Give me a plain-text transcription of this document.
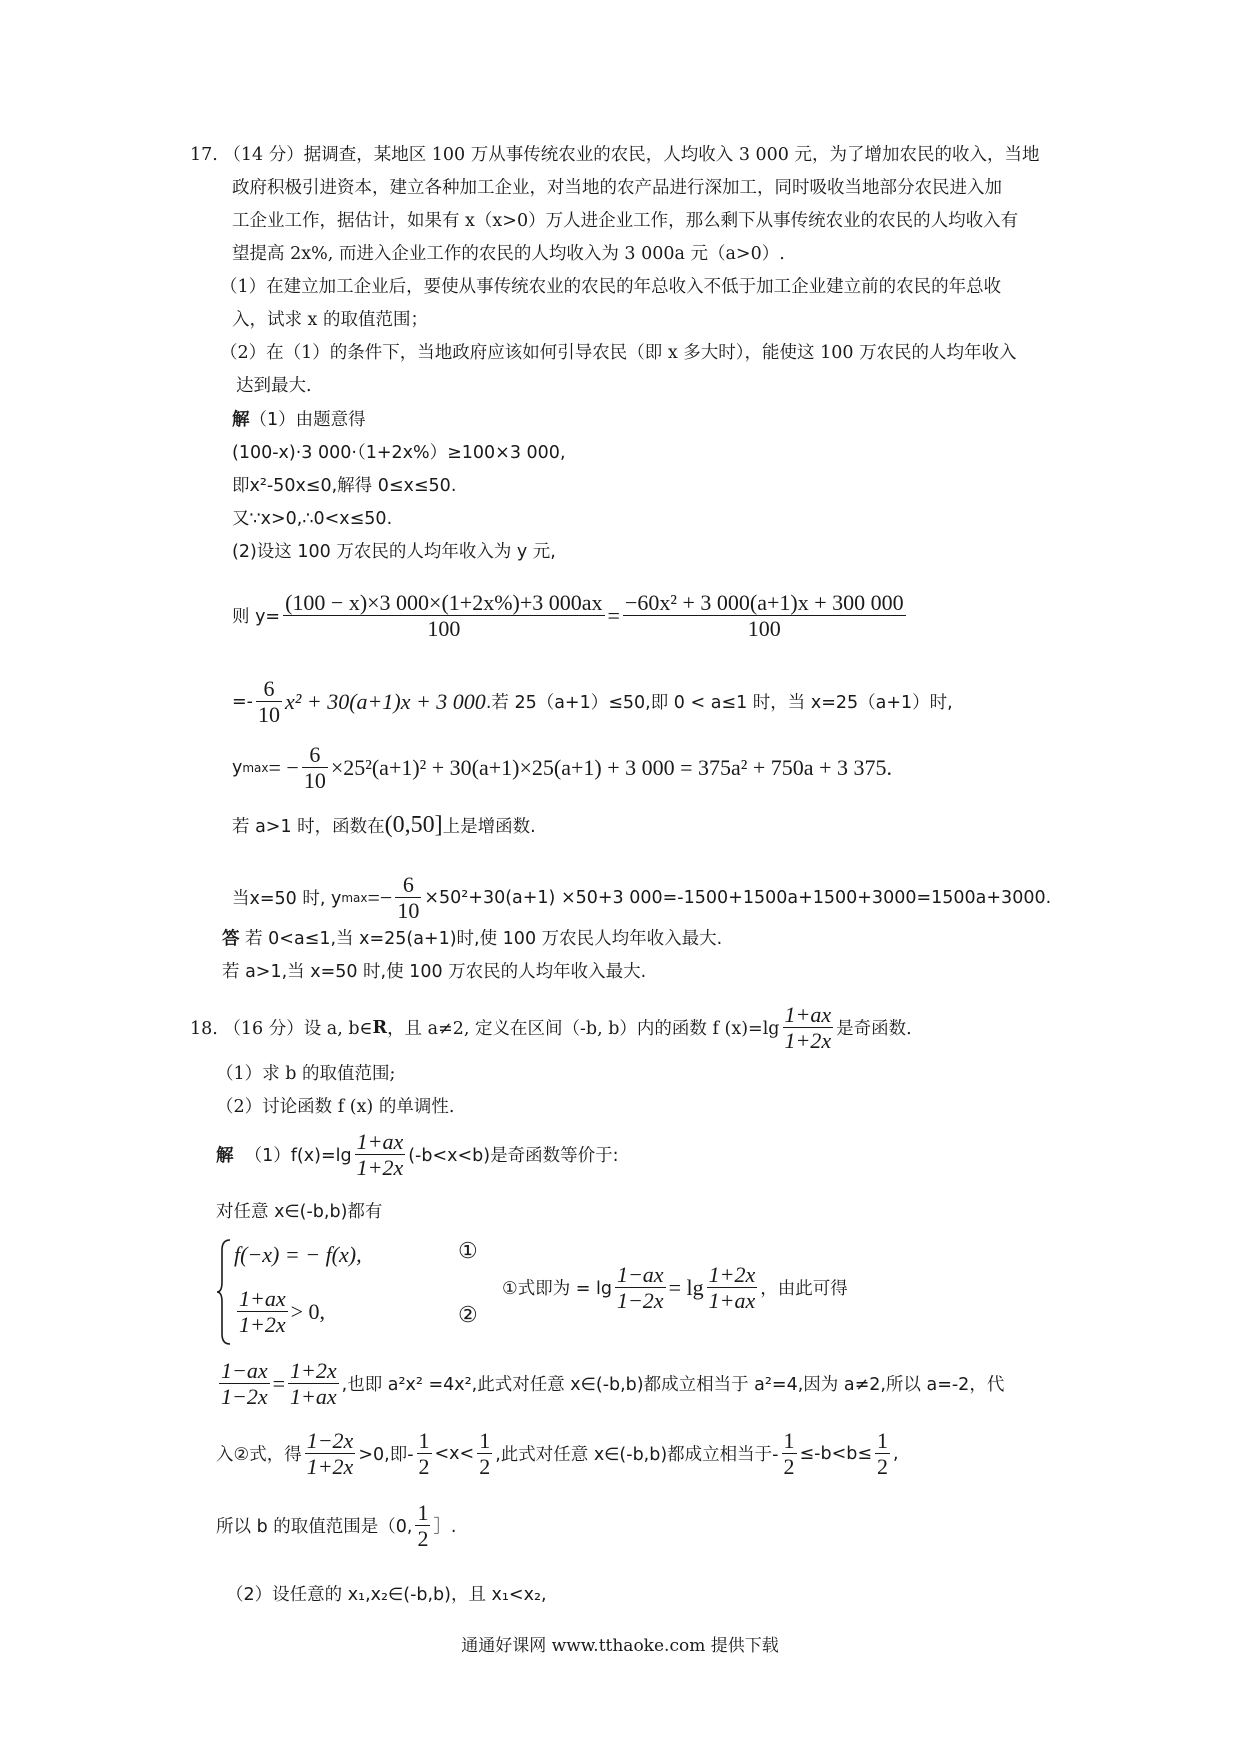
17. （14 分）据调查，某地区 100 万从事传统农业的农民，人均收入 3 000 元，为了增加农民的收入，当地
政府积极引进资本，建立各种加工企业，对当地的农产品进行深加工，同时吸收当地部分农民进入加
工企业工作，据估计，如果有 x（x>0）万人进企业工作，那么剩下从事传统农业的农民的人均收入有
望提高 2x%, 而进入企业工作的农民的人均收入为 3 000a 元（a>0）.
（1）在建立加工企业后，要使从事传统农业的农民的年总收入不低于加工企业建立前的农民的年总收
入，试求 x 的取值范围；
（2）在（1）的条件下，当地政府应该如何引导农民（即 x 多大时），能使这 100 万农民的人均年收入
达到最大.
解（1）由题意得
(100-x)·3 000·（1+2x%）≥100×3 000,
即x²-50x≤0,解得 0≤x≤50.
又∵x>0,∴0<x≤50.
(2)设这 100 万农民的人均年收入为 y 元,
则 $y= \frac{(100 - x)\times 3 000\times(1+2x\%)+3 000ax}{100} = \frac{\text{−60x² + 3 000(a+1)x + 300 000}}{100}$
=- $\frac{6}{10} x^2 + 30(a+1)x + 3$ 000 .若 25（a+1）≤50,即 0 < a≤1 时，当 x=25（a+1）时,
y max = − $\frac{6}{10} \times 25^2(a+1)^2 + 30(a+1)\times 25(a+1) + 3$ 000 = 375a² + 750a + 3 375.
若 a>1 时，函数在 (0,50] 上是增函数.
当x=50 时, y $\max =- \frac{6}{10} \times 50^2+30(a+1) \times 50+3$ 000=-1500+1500a+1500+3000=1500a+3000.
答 若 0<a≤1,当 x=25(a+1)时,使 100 万农民人均年收入最大.
若 a>1,当 x=50 时,使 100 万农民的人均年收入最大.
18. （16 分）设 a, b∈ R ，且 a≠2, 定义在区间（-b, b）内的函数 f $(x)=\lg \frac{1+ax}{1+2x}$ 是奇函数.
（1）求 b 的取值范围;
（2）讨论函数 f (x) 的单调性.
解
$(1)f(x)=\lg \frac{1+ax}{1+2x} (-b<x<b)$是奇函数等价于:
对任意 x∈(-b,b)都有
f(−x) = − f(x),
$\frac{1+ax}{1+2x} > 0$,
①
②
①式即为 = $\lg \frac{1-ax}{1-2x} = \lg \frac{1+2x}{1+ax}$ ，由此可得
$\frac{1-ax}{1-2x} = \frac{1+2x}{1+ax}$ ,也即 a²x² =4x²,此式对任意 x∈(-b,b)都成立相当于 a²=4,因为 a≠2,所以 a=-2，代
入②式，得 $\frac{1-2x}{1+2x} >0$,即- $\frac{1}{2} <x< \frac{1}{2}$ ,此式对任意 x∈(-b,b)都成立相当于- $\frac{1}{2} \le-b<b\le \frac{1}{2}$ ,
所以 b 的取值范围是（0, $\frac{1}{2}$ ］.
（2）设任意的 x₁,x₂∈(-b,b)，且 x₁<x₂,
通通好课网 www.tthaoke.com 提供下载
